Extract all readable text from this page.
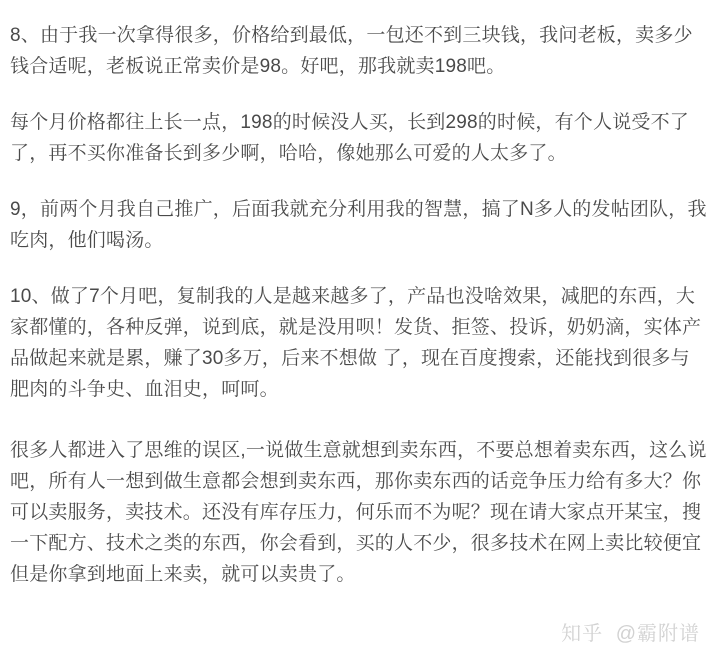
8、由于我一次拿得很多，价格给到最低，一包还不到三块钱，我问老板，卖多少钱合适呢，老板说正常卖价是98。好吧，那我就卖198吧。

每个月价格都往上长一点，198的时候没人买，长到298的时候，有个人说受不了了，再不买你准备长到多少啊，哈哈，像她那么可爱的人太多了。

9，前两个月我自己推广，后面我就充分利用我的智慧，搞了N多人的发帖团队，我吃肉，他们喝汤。

10、做了7个月吧，复制我的人是越来越多了，产品也没啥效果，减肥的东西，大家都懂的，各种反弹，说到底，就是没用呗！发货、拒签、投诉，奶奶滴，实体产品做起来就是累，赚了30多万，后来不想做 了，现在百度搜索，还能找到很多与肥肉的斗争史、血泪史，呵呵。

很多人都进入了思维的误区,一说做生意就想到卖东西，不要总想着卖东西，这么说吧，所有人一想到做生意都会想到卖东西，那你卖东西的话竞争压力给有多大？你可以卖服务，卖技术。还没有库存压力，何乐而不为呢？现在请大家点开某宝，搜一下配方、技术之类的东西，你会看到，买的人不少，很多技术在网上卖比较便宜但是你拿到地面上来卖，就可以卖贵了。

知乎 @霸附谱
